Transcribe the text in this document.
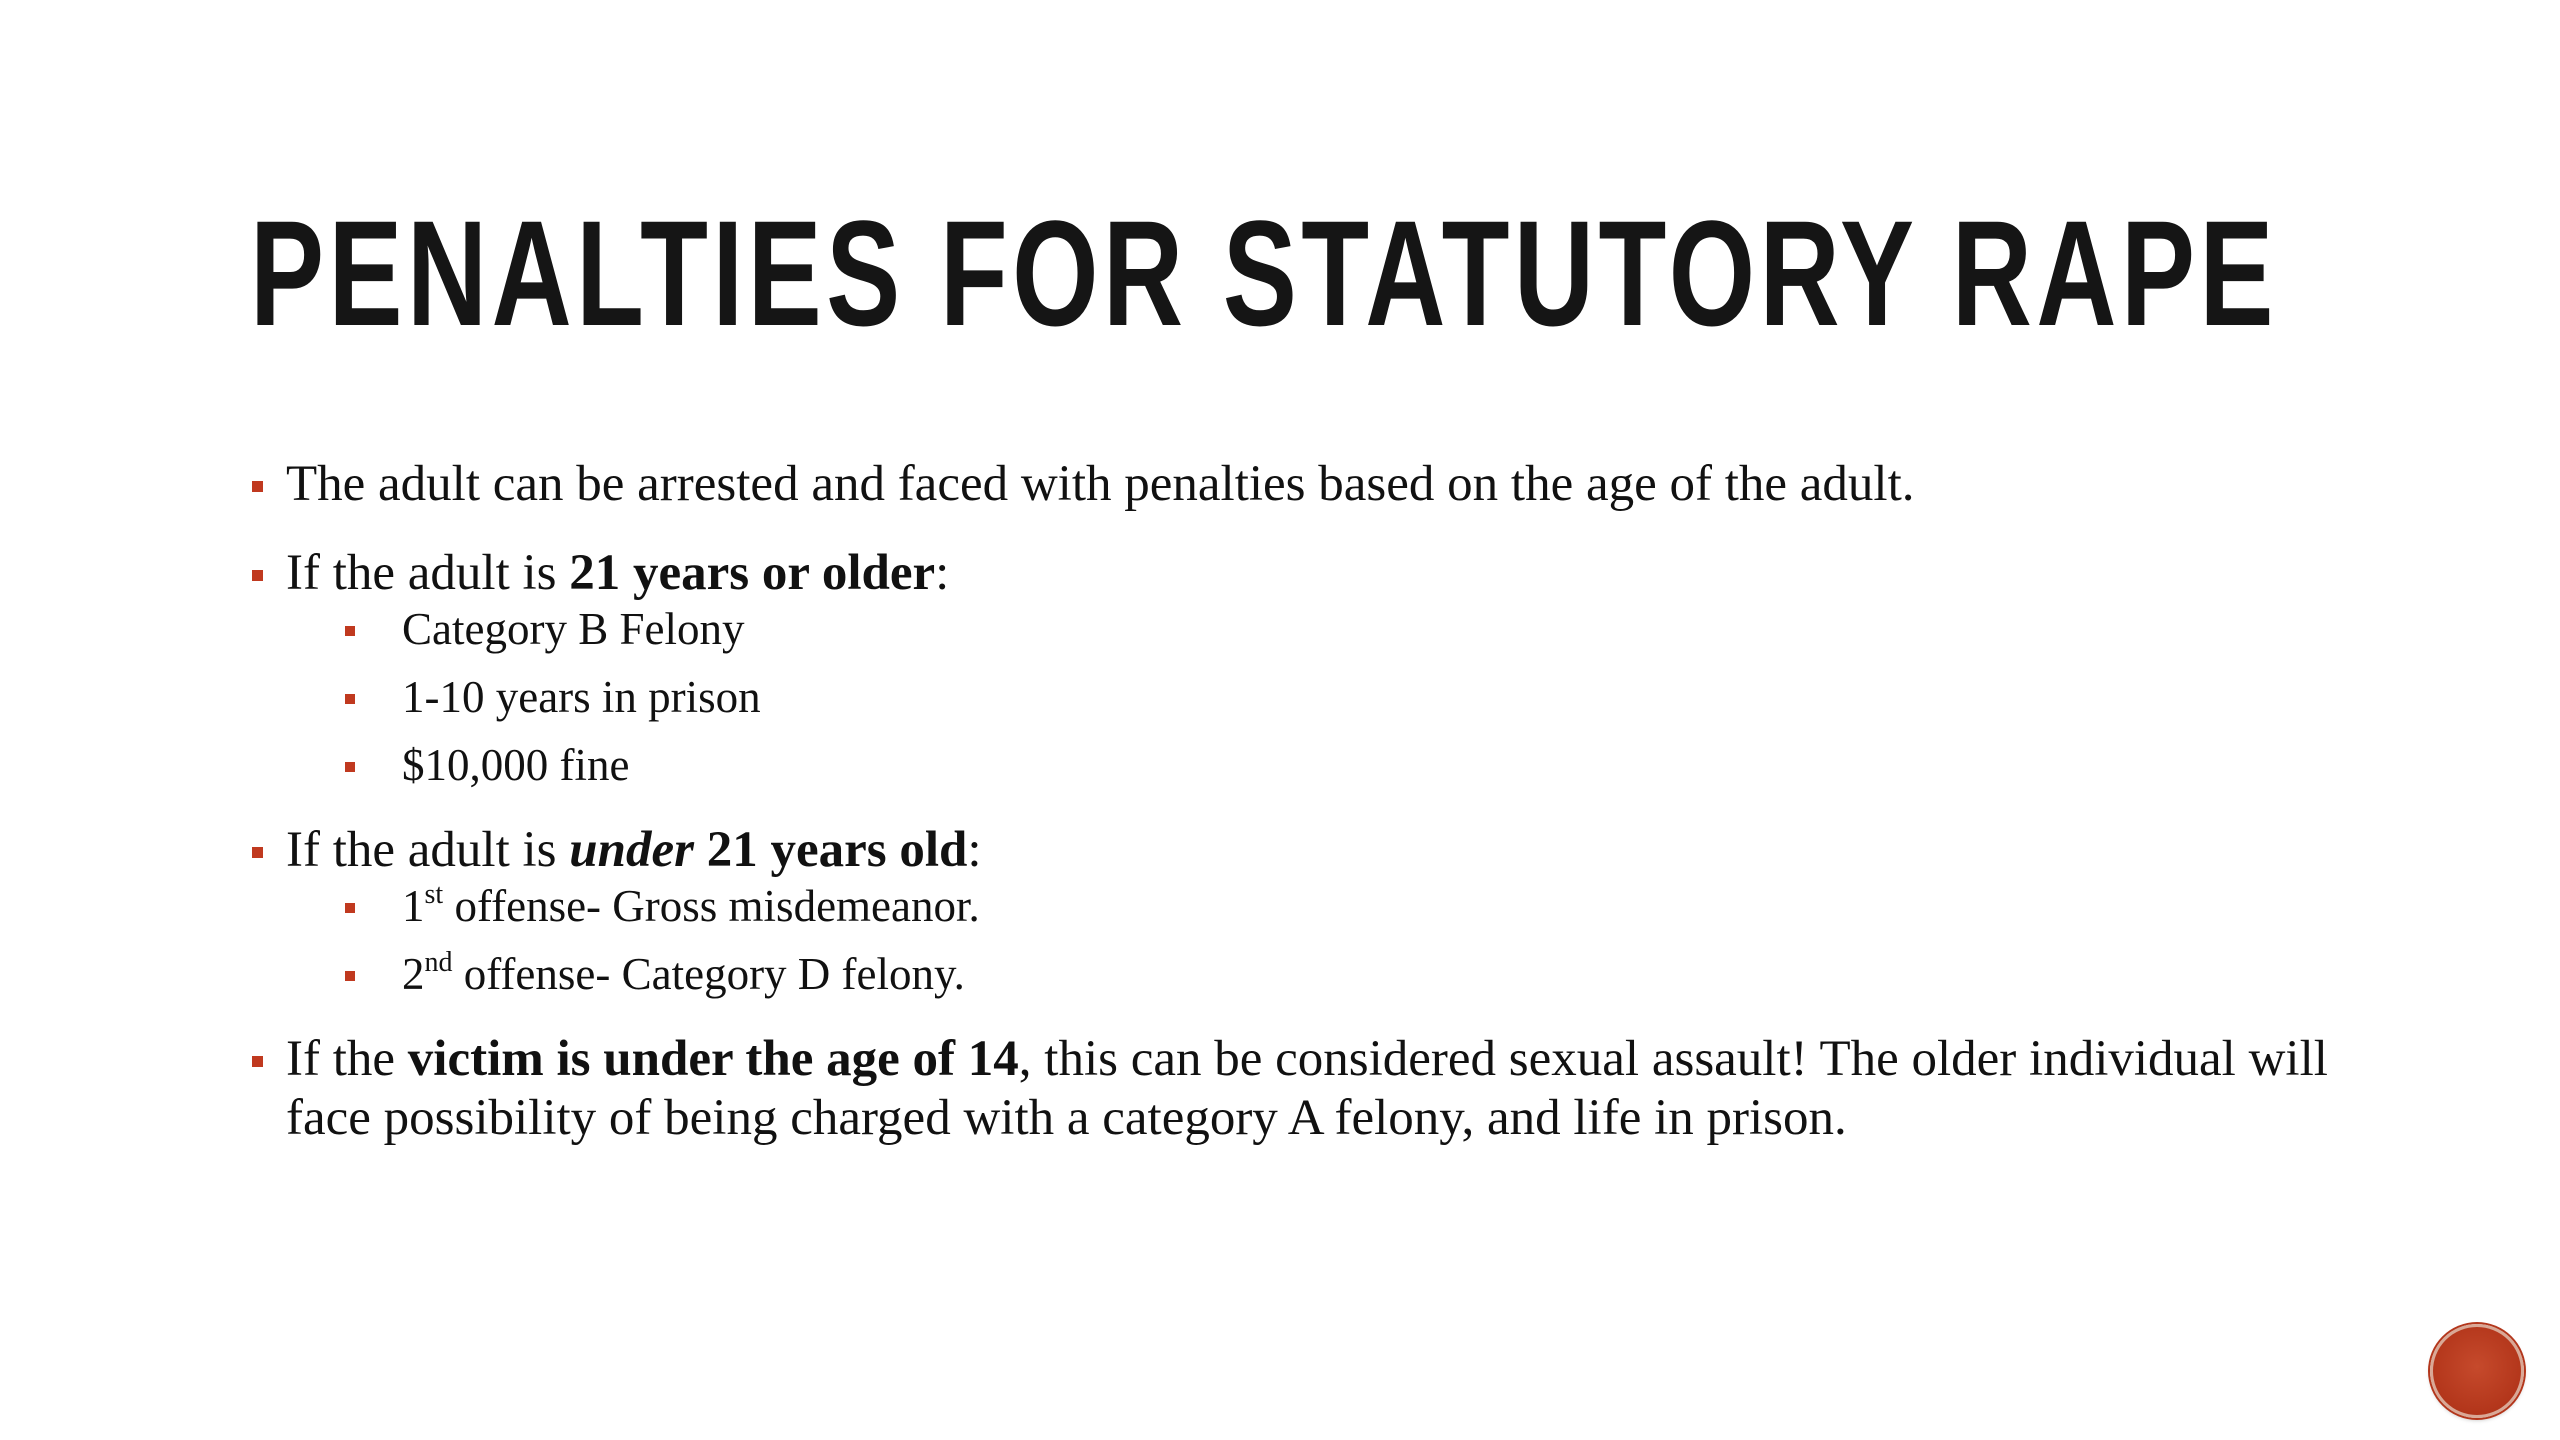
PENALTIES FOR STATUTORY RAPE
The adult can be arrested and faced with penalties based on the age of the adult.
If the adult is 21 years or older:
Category B Felony
1-10 years in prison
$10,000 fine
If the adult is under 21 years old:
1st offense- Gross misdemeanor.
2nd offense- Category D felony.
If the victim is under the age of 14, this can be considered sexual assault! The older individual will face possibility of being charged with a category A felony, and life in prison.
